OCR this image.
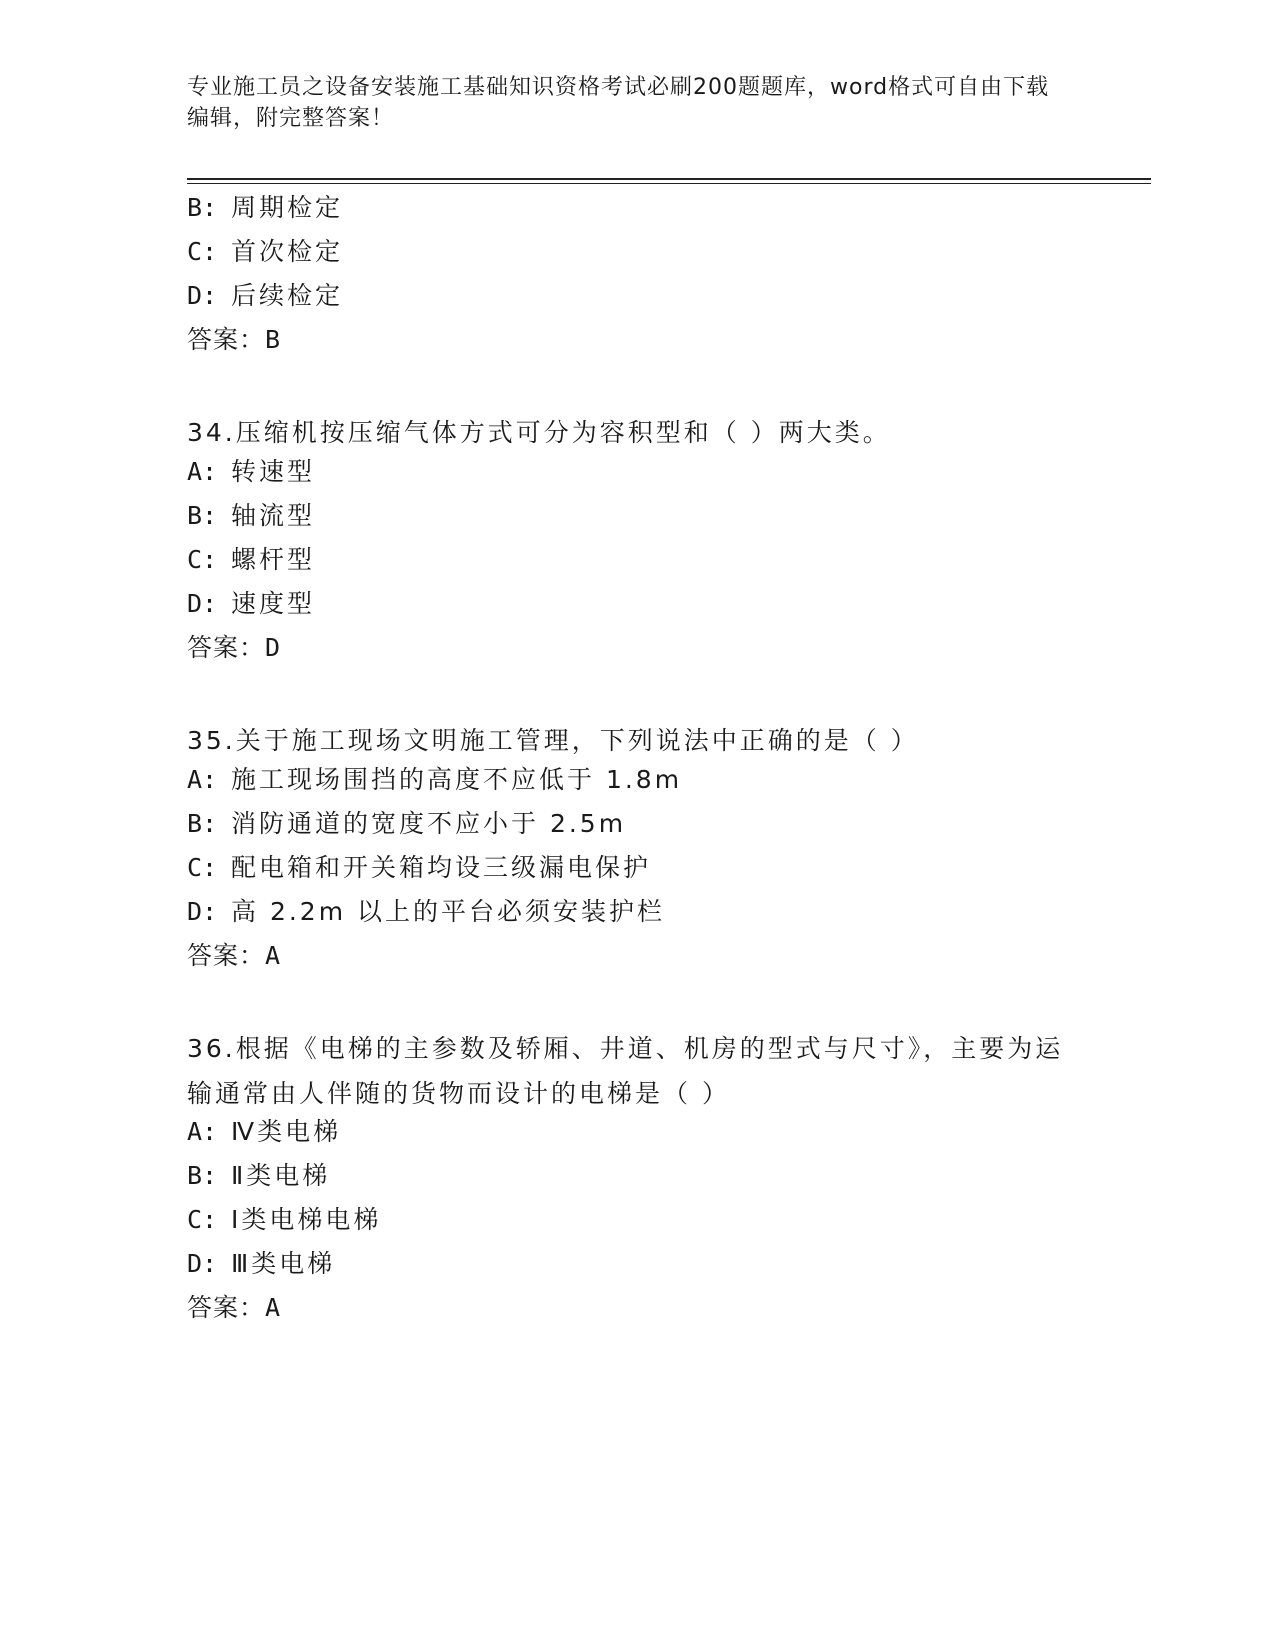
专业施工员之设备安装施工基础知识资格考试必刷200题题库，word格式可自由下载编辑，附完整答案！
B: 周期检定
C: 首次检定
D: 后续检定
答案：B
34.压缩机按压缩气体方式可分为容积型和（ ）两大类。
A: 转速型
B: 轴流型
C: 螺杆型
D: 速度型
答案：D
35.关于施工现场文明施工管理，下列说法中正确的是（ ）
A: 施工现场围挡的高度不应低于 1.8m
B: 消防通道的宽度不应小于 2.5m
C: 配电箱和开关箱均设三级漏电保护
D: 高 2.2m 以上的平台必须安装护栏
答案：A
36.根据《电梯的主参数及轿厢、井道、机房的型式与尺寸》，主要为运输通常由人伴随的货物而设计的电梯是（ ）
A: Ⅳ类电梯
B: Ⅱ类电梯
C: Ⅰ类电梯电梯
D: Ⅲ类电梯
答案：A
